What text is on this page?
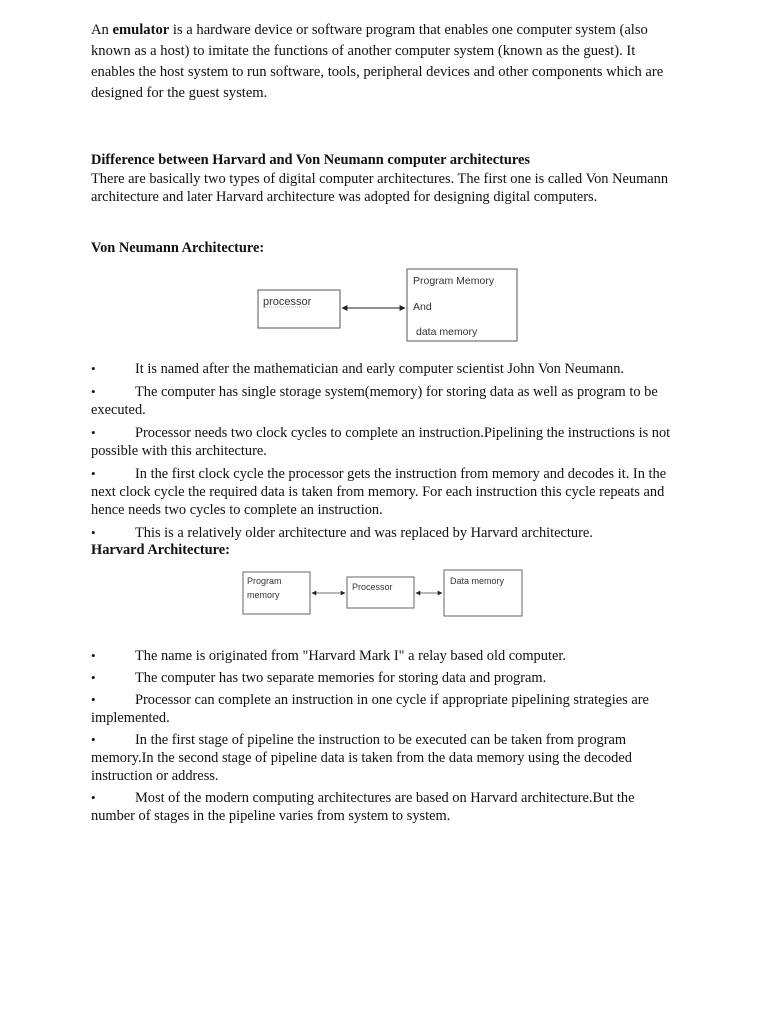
An emulator is a hardware device or software program that enables one computer system (also known as a host) to imitate the functions of another computer system (known as the guest). It enables the host system to run software, tools, peripheral devices and other components which are designed for the guest system.

Difference between Harvard and Von Neumann computer architectures

There are basically two types of digital computer architectures. The first one is called Von Neumann architecture and later Harvard architecture was adopted for designing digital computers.

Von Neumann Architecture:

processor
Program Memory
And
data memory
Program
memory
Processor
Data memory
•	It is named after the mathematician and early computer scientist John Von Neumann.
•	The computer has single storage system(memory) for storing data as well as program to be executed.
•	Processor needs two clock cycles to complete an instruction.Pipelining the instructions is not possible with this architecture.
•	In the first clock cycle the processor gets the instruction from memory and decodes it. In the next clock cycle the required data is taken from memory. For each instruction this cycle repeats and hence needs two cycles to complete an instruction.
•	This is a relatively older architecture and was replaced by Harvard architecture.

Harvard Architecture:

•	The name is originated from "Harvard Mark I" a relay based old computer.
•	The computer has two separate memories for storing data and program.
•	Processor can complete an instruction in one cycle if appropriate pipelining strategies are implemented.
•	In the first stage of pipeline the instruction to be executed can be taken from program memory.In the second stage of pipeline data is taken from the data memory using the decoded instruction or address.
•	Most of the modern computing architectures are based on Harvard architecture.But the number of stages in the pipeline varies from system to system.
